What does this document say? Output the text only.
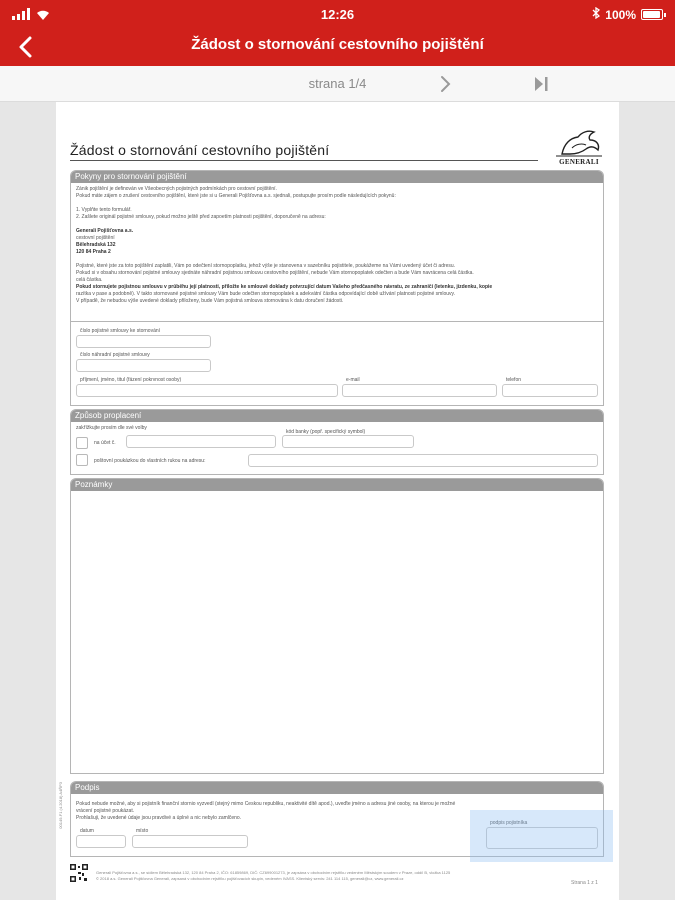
12:26	100%
Žádost o stornování cestovního pojištění
strana 1/4
Žádost o stornování cestovního pojištění
GENERALI
Pokyny pro stornování pojištění
Zánik pojištění je definován ve Všeobecných pojistných podmínkách pro cestovní pojištění.
Pokud máte zájem o zrušení cestovního pojištění, které jste si u Generali Pojišťovna a.s. sjednali, postupujte prosím podle následujících pokynů:

1. Vyplňte tento formulář.
2. Zašlete originál pojistné smlouvy, pokud možno ještě před zapoetím platnosti pojištění, doporučeně na adresu:

Generali Pojišťovna a.s.
cestovní pojištění
Bělehradská 132
120 84 Praha 2

Pojistné, které jste za toto pojištění zaplatili, Vám po odečtení stornopoplatku, jehož výše je stanovena v sazebníku pojistitele, poukážeme na Vámi uvedený účet či adresu.
Pokud si v obsahu stornování pojistné smlouvy sjednáte náhradní pojistnou smlouvu cestovního pojištění, nebude Vám stornopoplatek odečten a bude Vám navrácena celá částka.
celá částka.
Pokud stornujete pojistnou smlouvu v průběhu její platnosti, přiložte ke smlouvě doklady potvrzující datum Vašeho předčasného návratu, ze zahraničí (letenku, jízdenku, kopie
razítka v pase a podobně). V takto stornované pojistné smlouvy Vám bude odečten stornopoplatek a adekvátní částka odpovídající době užívání platnosti pojistné smlouvy.
V případě, že nebudou výše uvedené doklady přiloženy, bude Vám pojistná smlouva stornována k datu doručení žádosti.
číslo pojistné smlouvy ke stornování
číslo náhradní pojistné smlouvy
příjmení, jméno, titul (fázení pokrvnost osoby)	e-mail	telefon
Způsob proplacení
zakřížkujte prosím dle své volby
na účet č.
kód banky (popř. specifický symbol)
poštovní poukázkou do vlastních rukou na adresu:
Poznámky
Podpis
Pokud nebude možné, aby si pojistník finanční stornio vyzvedl (stejný mimo Českou republiku, neaktivité dítě apod.), uveďte jméno a adresu jiné osoby, na kterou je možné
vrácení pojistné poukázat.
Prohlašuji, že uvedené údaje jsou pravdivé a úplné a nic nebylo zamlčeno.
datum	místo
podpis pojistníka
00149-F1 (4.2018) A4ŘP3
Generali Pojišťovna a.s., se sídlem Bělehradská 132, 120 84 Praha 2, IČO: 61859869, DIČ: CZ699001273, je zapsána v obchodním rejstříku vedeném Městským soudem v Praze, oddíl B, vložka 1125
© 2018 a.s. Generali Pojišťovna Generali, zapsaná v obchodním rejstříku pojišťovacích skupin, vedeném IVASS. Klientský servis: 241 114 115, generali@cz, www.generali.cz
Strana 1 z 1
